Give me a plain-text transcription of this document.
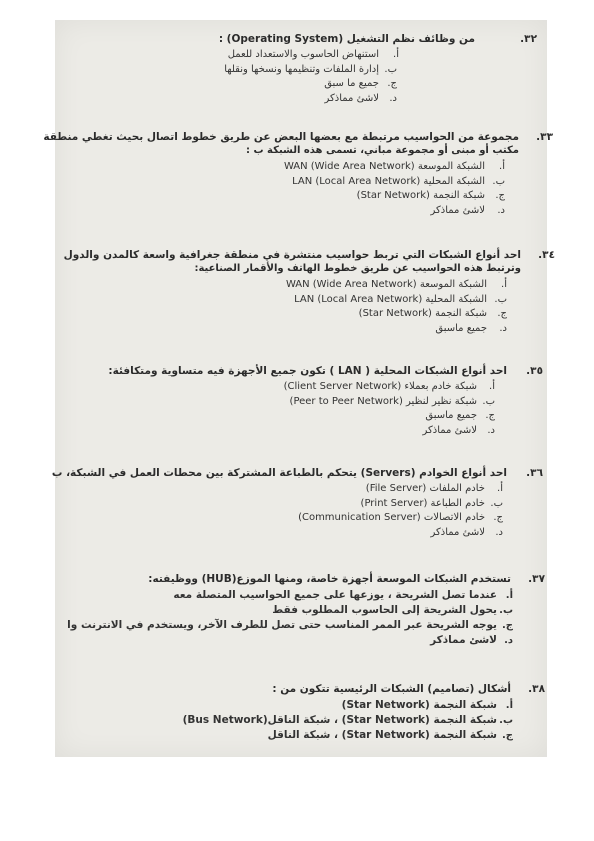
٣٢.
من وظائف نظم التشغيل (Operating System) :
أ.
استنهاض الحاسوب والاستعداد للعمل
ب.
إدارة الملفات وتنظيمها ونسخها ونقلها
ج.
جميع ما سبق
د.
لاشئ مماذكر
٣٣.
مجموعة من الحواسيب مرتبطة مع بعضها البعض عن طريق خطوط اتصال بحيث تغطي منطقة
مكتب أو مبنى أو مجموعة مباني، تسمى هذه الشبكة ب :
أ.
الشبكة الموسعة WAN (Wide Area Network)
ب.
الشبكة المحلية LAN (Local Area Network)
ج.
شبكة النجمة (Star Network)
د.
لاشئ مماذكر
٣٤.
احد أنواع الشبكات التي تربط حواسيب منتشرة في منطقة جغرافية واسعة كالمدن والدول
وترتبط هذه الحواسيب عن طريق خطوط الهاتف والأقمار الصناعية:
أ.
الشبكة الموسعة WAN (Wide Area Network)
ب.
الشبكة المحلية LAN (Local Area Network)
ج.
شبكة النجمة (Star Network)
د.
جميع ماسبق
٣٥.
احد أنواع الشبكات المحلية ( LAN ) تكون جميع الأجهزة فيه متساوية ومتكافئة:
أ.
شبكة خادم بعملاء (Client Server Network)
ب.
شبكة نظير لنظير (Peer to Peer Network)
ج.
جميع ماسبق
د.
لاشئ مماذكر
٣٦.
احد أنواع الخوادم (Servers) يتحكم بالطباعة المشتركة بين محطات العمل في الشبكة، ب
أ.
خادم الملفات (File Server)
ب.
خادم الطباعة (Print Server)
ج.
خادم الاتصالات (Communication Server)
د.
لاشئ مماذكر
٣٧.
تستخدم الشبكات الموسعة أجهزة خاصة، ومنها الموزع(HUB) ووظيفته:
أ.
عندما تصل الشريحة ، يوزعها على جميع الحواسيب المتصلة معه
ب.
يحول الشريحة إلى الحاسوب المطلوب فقط
ج.
يوجه الشريحة عبر الممر المناسب حتى تصل للطرف الآخر، ويستخدم في الانترنت وا
د.
لاشئ مماذكر
٣٨.
أشكال (تصاميم) الشبكات الرئيسية تتكون من :
أ.
شبكة النجمة (Star Network)
ب.
شبكة النجمة (Star Network) ، شبكة الناقل(Bus Network)
ج.
شبكة النجمة (Star Network) ، شبكة الناقل
